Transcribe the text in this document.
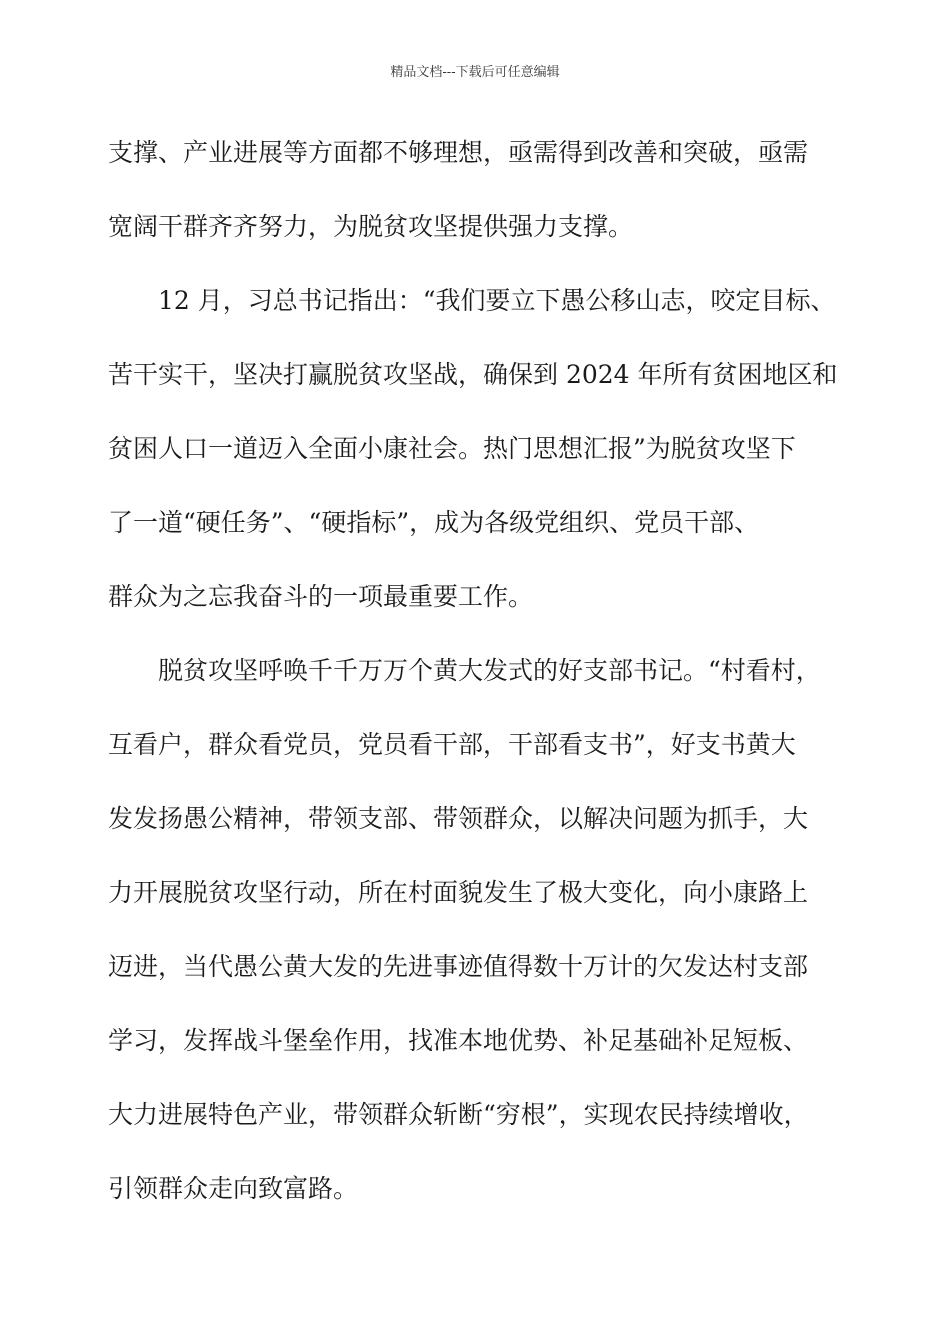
精品文档---下载后可任意编辑
支撑、产业进展等方面都不够理想，亟需得到改善和突破，亟需
宽阔干群齐齐努力，为脱贫攻坚提供强力支撑。
12 月，习总书记指出：“我们要立下愚公移山志，咬定目标、
苦干实干，坚决打赢脱贫攻坚战，确保到 2024 年所有贫困地区和
贫困人口一道迈入全面小康社会。热门思想汇报”为脱贫攻坚下
了一道“硬任务”、“硬指标”，成为各级党组织、党员干部、
群众为之忘我奋斗的一项最重要工作。
脱贫攻坚呼唤千千万万个黄大发式的好支部书记。“村看村，
互看户，群众看党员，党员看干部，干部看支书”，好支书黄大
发发扬愚公精神，带领支部、带领群众，以解决问题为抓手，大
力开展脱贫攻坚行动，所在村面貌发生了极大变化，向小康路上
迈进，当代愚公黄大发的先进事迹值得数十万计的欠发达村支部
学习，发挥战斗堡垒作用，找准本地优势、补足基础补足短板、
大力进展特色产业，带领群众斩断“穷根”，实现农民持续增收，
引领群众走向致富路。
